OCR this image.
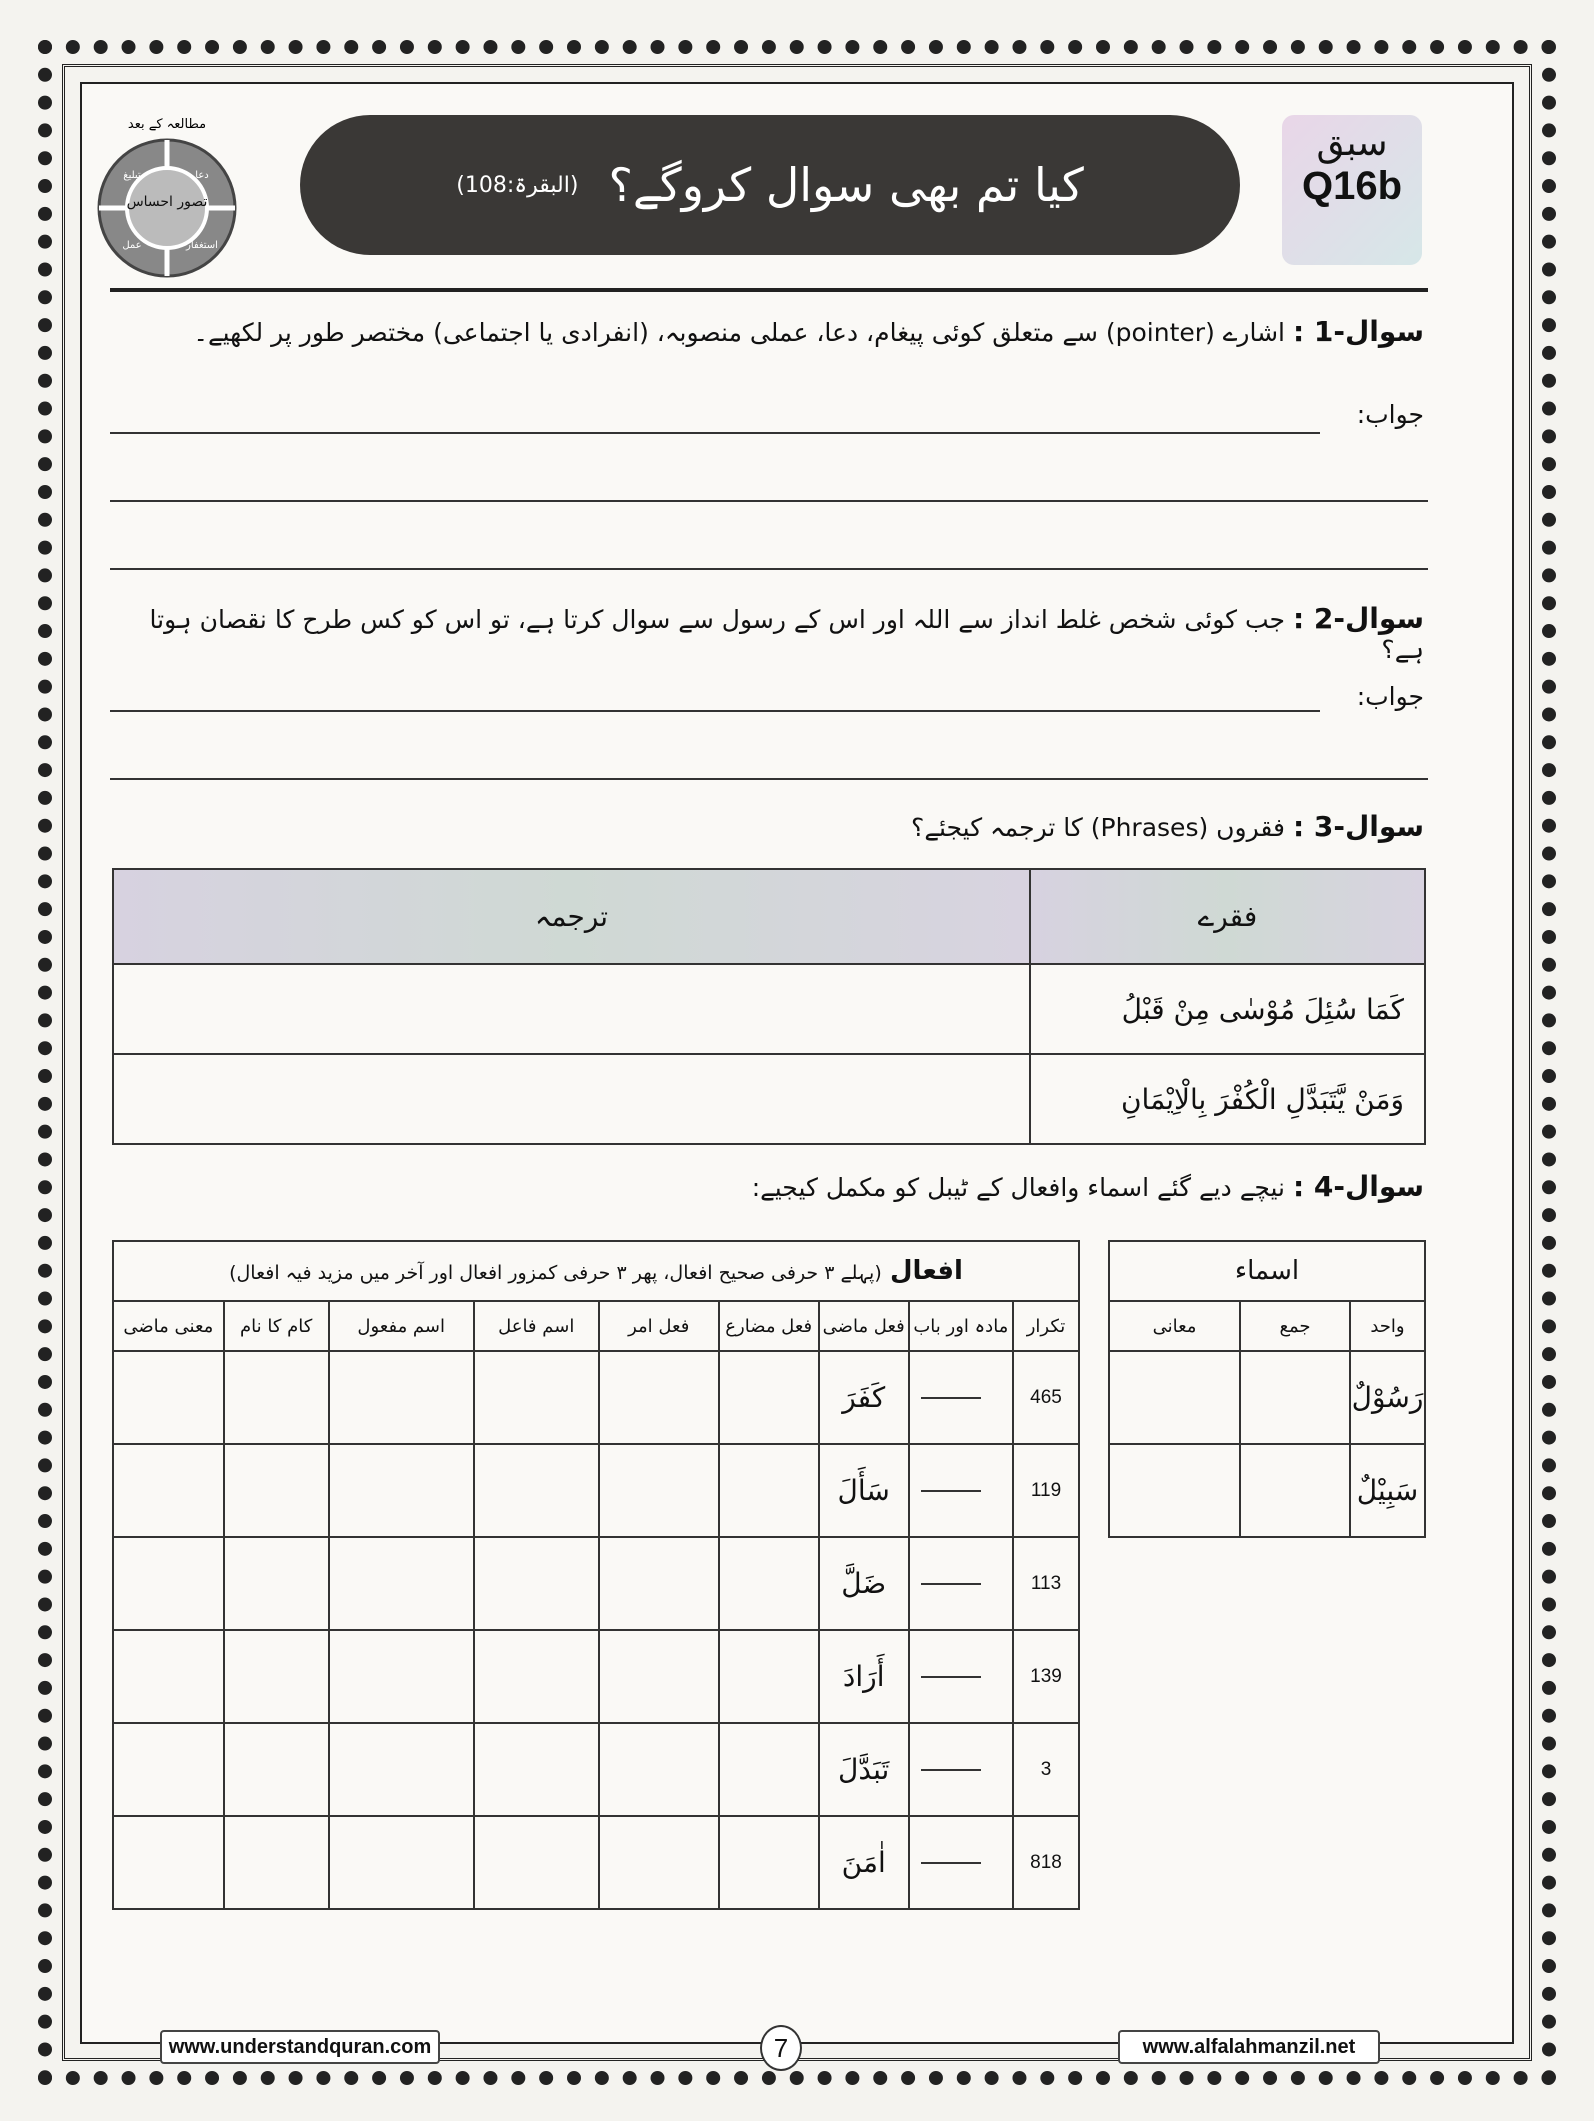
تصور احساس
مطالعہ کے بعد
دعا
تبلیغ
عمل	استغفار
کیا تم بھی سوال کروگے؟
(البقرۃ:108)
سبق
Q16b
سوال-1 : اشارے (pointer) سے متعلق کوئی پیغام، دعا، عملی منصوبہ، (انفرادی یا اجتماعی) مختصر طور پر لکھیے۔
جواب:
سوال-2 : جب کوئی شخص غلط انداز سے اللہ اور اس کے رسول سے سوال کرتا ہے، تو اس کو کس طرح کا نقصان ہوتا ہے؟
جواب:
سوال-3 : فقروں (Phrases) کا ترجمہ کیجئے؟
فقرے	ترجمہ
كَمَا سُئِلَ مُوْسٰى مِنْ قَبْلُ	
وَمَنْ يَّتَبَدَّلِ الْكُفْرَ بِالْاِيْمَانِ	
سوال-4 : نیچے دیے گئے اسماء وافعال کے ٹیبل کو مکمل کیجیے:
افعال (پہلے ۳ حرفی صحیح افعال، پھر ۳ حرفی کمزور افعال اور آخر میں مزید فیہ افعال)									
تکرار	مادہ اور باب		فعل ماضی	فعل مضارع	فعل امر	اسم فاعل	اسم مفعول	کام کا نام	معنی ماضی
465			كَفَرَ						
119			سَأَلَ						
113			ضَلَّ						
139			أَرَادَ						
3			تَبَدَّلَ						
818			اٰمَنَ						
اسماء		
واحد	جمع	معانی
رَسُوْلٌ		
سَبِيْلٌ		
www.understandquran.com	7	www.alfalahmanzil.net
